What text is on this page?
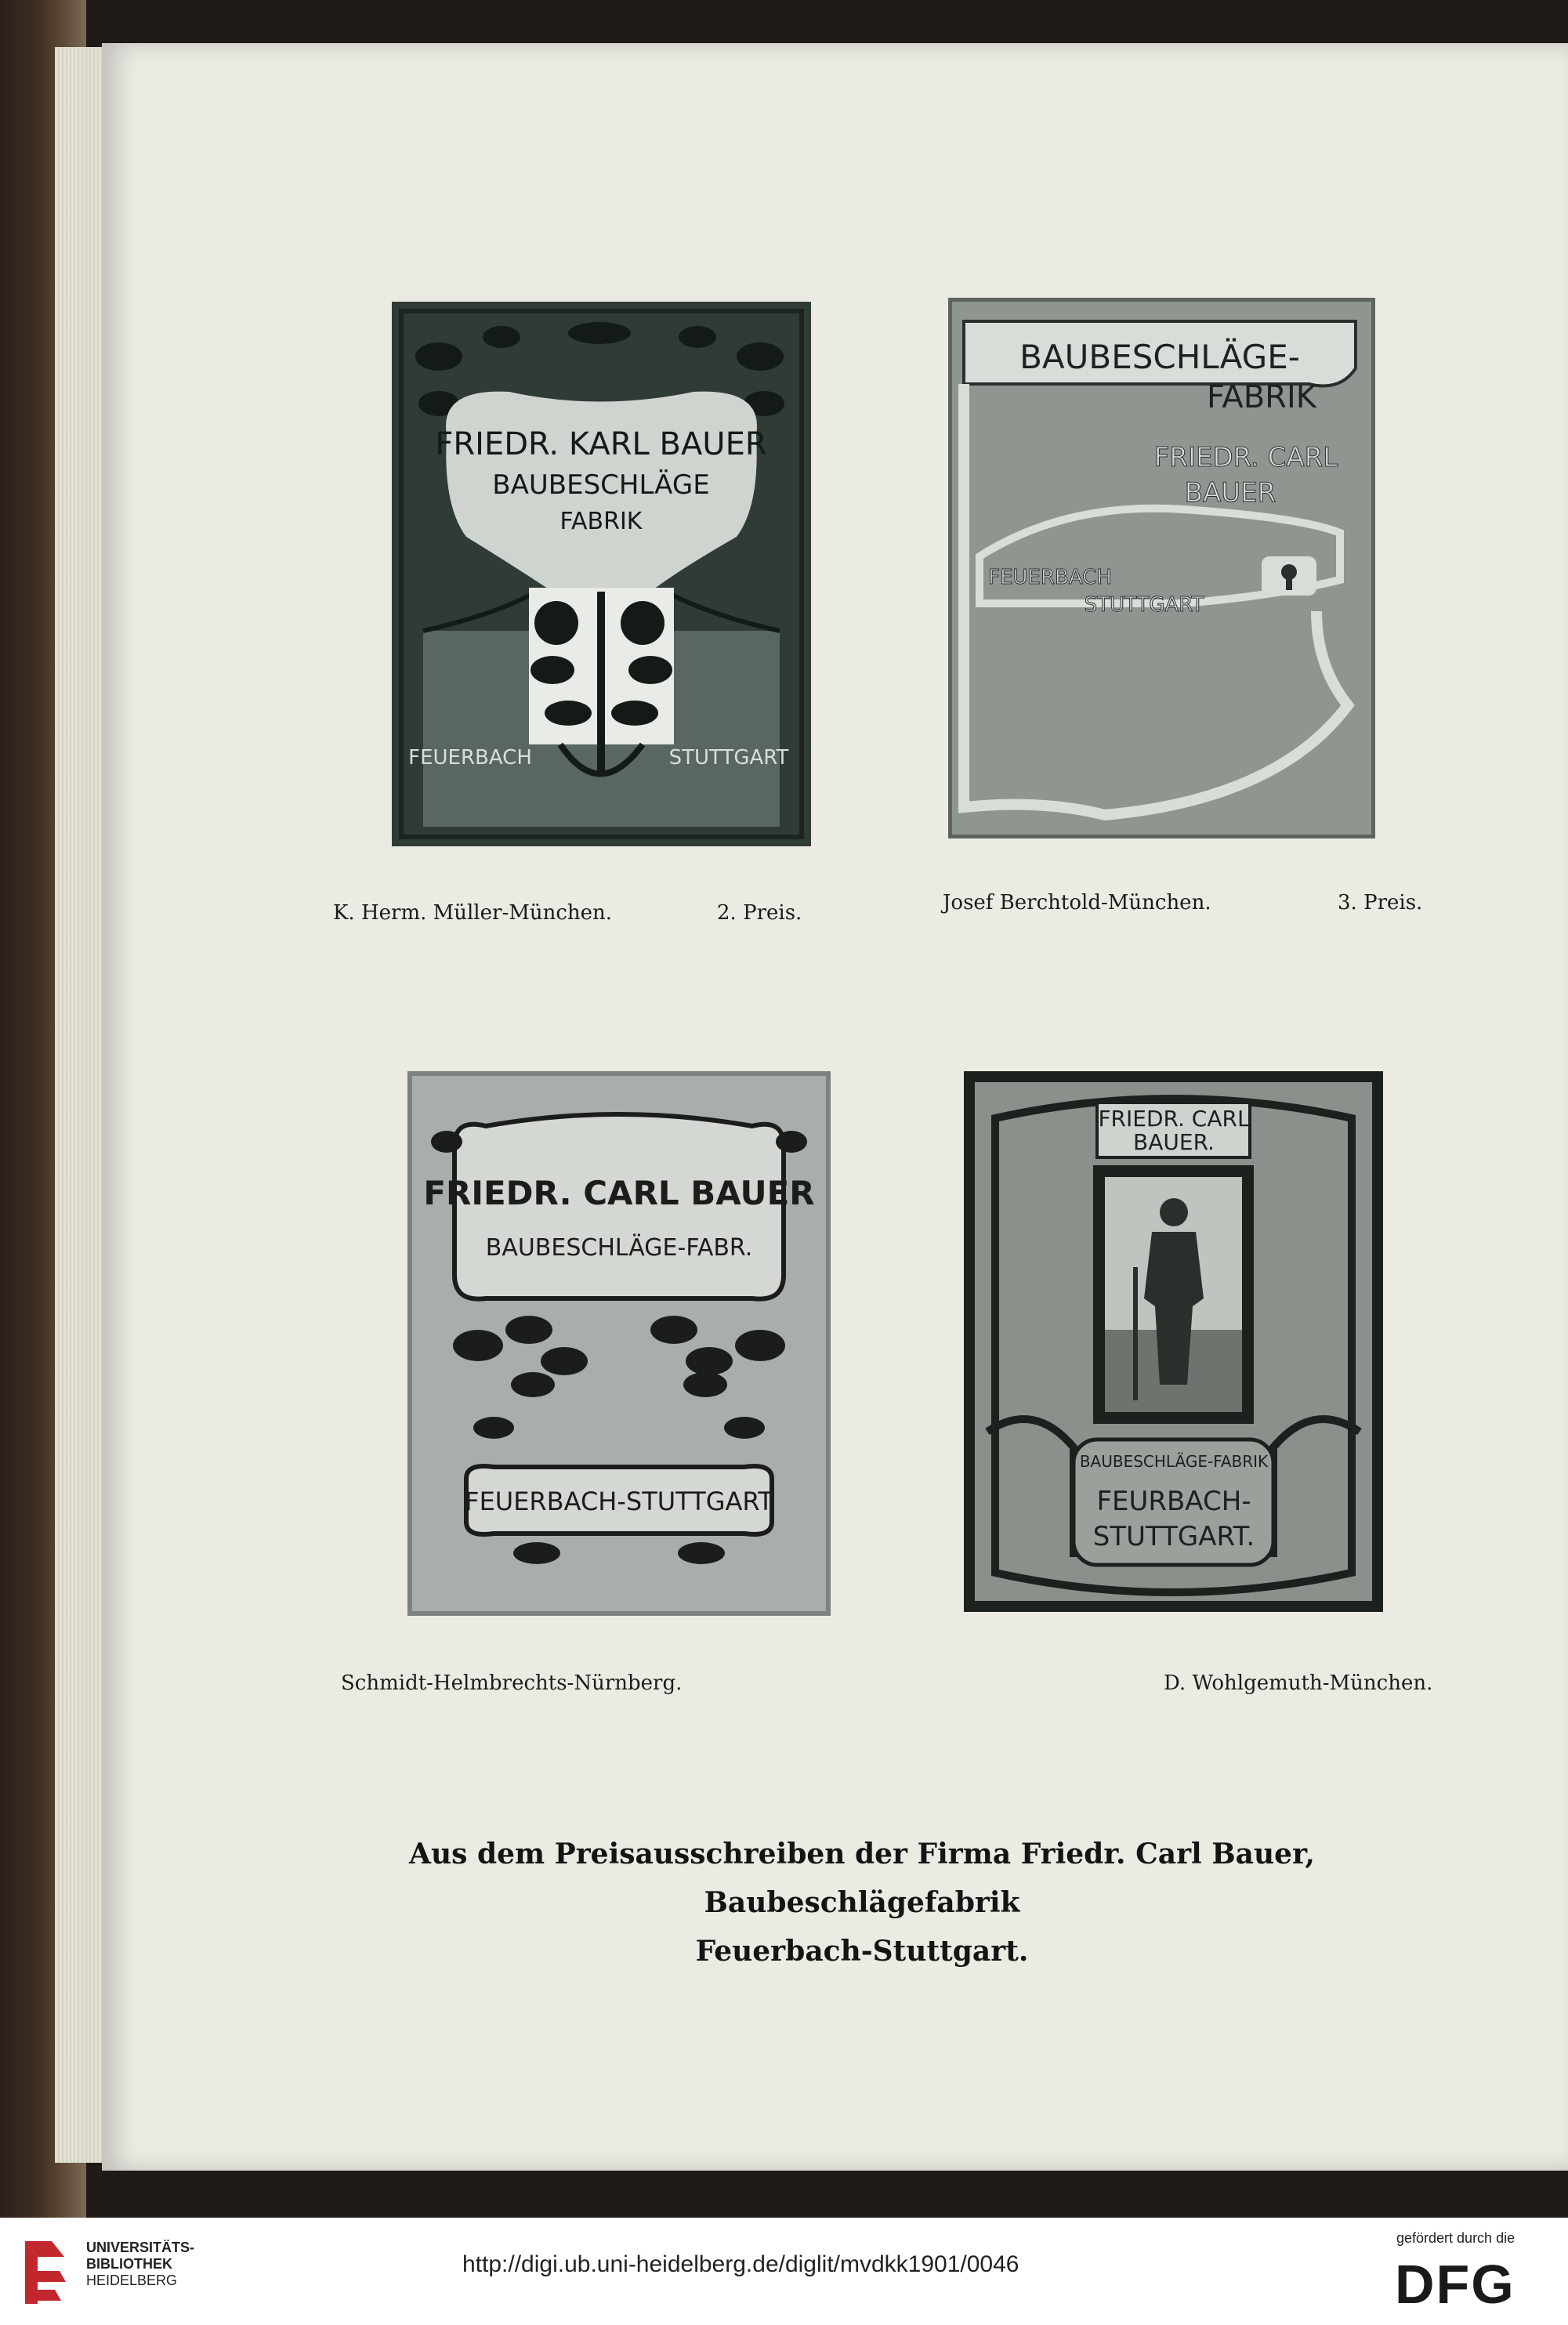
FRIEDR. KARL BAUER
BAUBESCHLÄGE
FABRIK
FEUERBACH	STUTTGART
BAUBESCHLÄGE-
FABRIK
FRIEDR. CARL
BAUER
FEUERBACH
STUTTGART
FRIEDR. CARL BAUER
BAUBESCHLÄGE-FABR.
FEUERBACH-STUTTGART
FRIEDR. CARL
BAUER.
BAUBESCHLÄGE-FABRIK
FEURBACH-
STUTTGART.
K. Herm. Müller-München.	2. Preis.	Josef Berchtold-München.	3. Preis.
Schmidt-Helmbrechts-Nürnberg.	D. Wohlgemuth-München.
Aus dem Preisausschreiben der Firma Friedr. Carl Bauer, Baubeschlägefabrik
Feuerbach-Stuttgart.
UNIVERSITÄTS-
BIBLIOTHEK
HEIDELBERG
http://digi.ub.uni-heidelberg.de/diglit/mvdkk1901/0046
gefördert durch die
DFG
